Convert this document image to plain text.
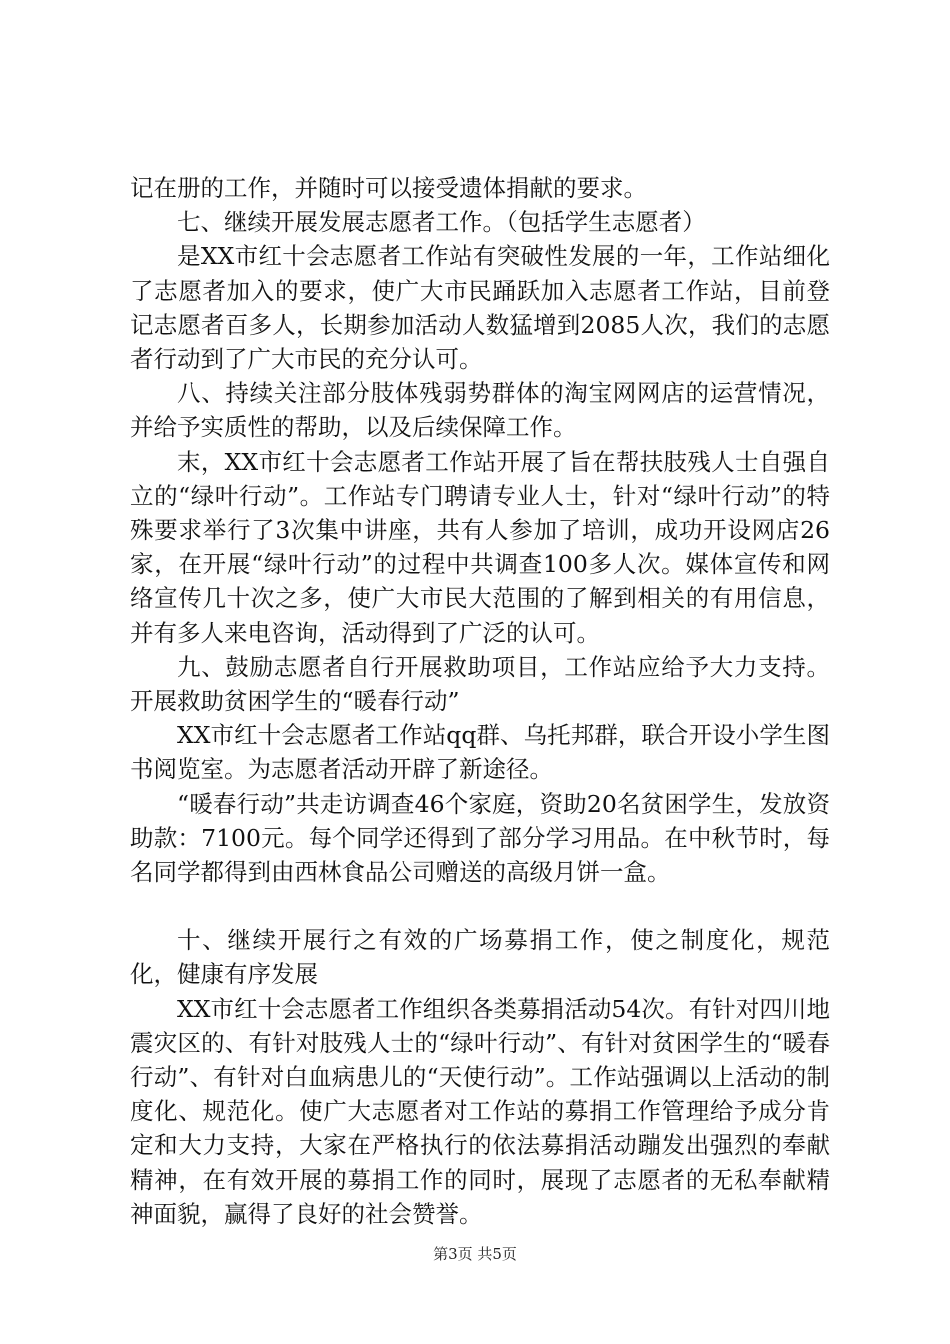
记在册的工作，并随时可以接受遗体捐献的要求。

七、继续开展发展志愿者工作。（包括学生志愿者）

是XX市红十会志愿者工作站有突破性发展的一年，工作站细化了志愿者加入的要求，使广大市民踊跃加入志愿者工作站，目前登记志愿者百多人，长期参加活动人数猛增到2085人次，我们的志愿者行动到了广大市民的充分认可。

八、持续关注部分肢体残弱势群体的淘宝网网店的运营情况，并给予实质性的帮助，以及后续保障工作。

末，XX市红十会志愿者工作站开展了旨在帮扶肢残人士自强自立的“绿叶行动”。工作站专门聘请专业人士，针对“绿叶行动”的特殊要求举行了3次集中讲座，共有人参加了培训，成功开设网店26家，在开展“绿叶行动”的过程中共调查100多人次。媒体宣传和网络宣传几十次之多，使广大市民大范围的了解到相关的有用信息，并有多人来电咨询，活动得到了广泛的认可。

九、鼓励志愿者自行开展救助项目，工作站应给予大力支持。开展救助贫困学生的“暖春行动”

XX市红十会志愿者工作站qq群、乌托邦群，联合开设小学生图书阅览室。为志愿者活动开辟了新途径。

“暖春行动”共走访调查46个家庭，资助20名贫困学生，发放资助款：7100元。每个同学还得到了部分学习用品。在中秋节时，每名同学都得到由西林食品公司赠送的高级月饼一盒。

十、继续开展行之有效的广场募捐工作，使之制度化，规范化，健康有序发展

XX市红十会志愿者工作组织各类募捐活动54次。有针对四川地震灾区的、有针对肢残人士的“绿叶行动”、有针对贫困学生的“暖春行动”、有针对白血病患儿的“天使行动”。工作站强调以上活动的制度化、规范化。使广大志愿者对工作站的募捐工作管理给予成分肯定和大力支持，大家在严格执行的依法募捐活动蹦发出强烈的奉献精神，在有效开展的募捐工作的同时，展现了志愿者的无私奉献精神面貌，赢得了良好的社会赞誉。

第3页 共5页
